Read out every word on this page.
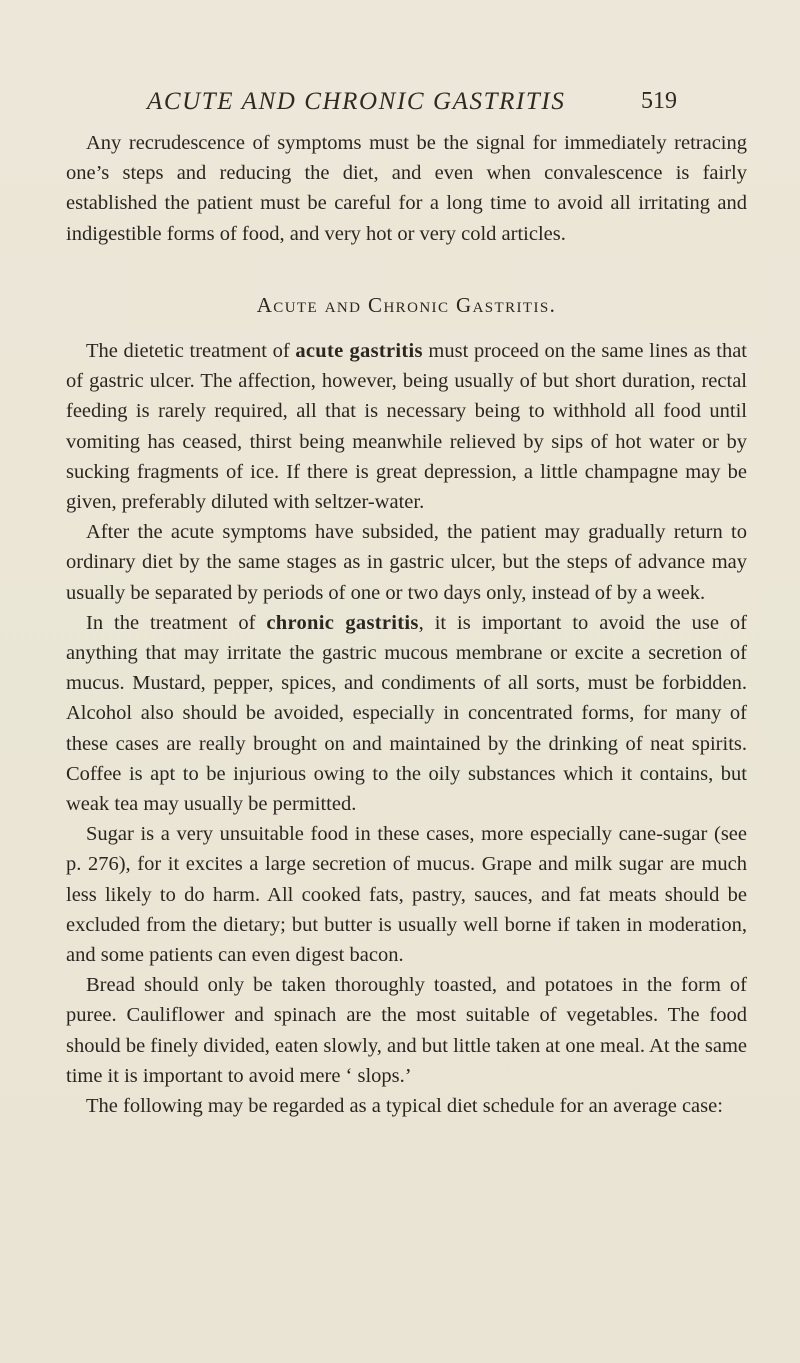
ACUTE AND CHRONIC GASTRITIS	519

Any recrudescence of symptoms must be the signal for immediately retracing one’s steps and reducing the diet, and even when convalescence is fairly established the patient must be careful for a long time to avoid all irritating and indigestible forms of food, and very hot or very cold articles.

Acute and Chronic Gastritis.

The dietetic treatment of acute gastritis must proceed on the same lines as that of gastric ulcer. The affection, however, being usually of but short duration, rectal feeding is rarely required, all that is necessary being to withhold all food until vomiting has ceased, thirst being meanwhile relieved by sips of hot water or by sucking fragments of ice. If there is great depression, a little champagne may be given, preferably diluted with seltzer-water.

After the acute symptoms have subsided, the patient may gradually return to ordinary diet by the same stages as in gastric ulcer, but the steps of advance may usually be separated by periods of one or two days only, instead of by a week.

In the treatment of chronic gastritis, it is important to avoid the use of anything that may irritate the gastric mucous membrane or excite a secretion of mucus. Mustard, pepper, spices, and condiments of all sorts, must be forbidden. Alcohol also should be avoided, especially in concentrated forms, for many of these cases are really brought on and maintained by the drinking of neat spirits. Coffee is apt to be injurious owing to the oily substances which it contains, but weak tea may usually be permitted.

Sugar is a very unsuitable food in these cases, more especially cane-sugar (see p. 276), for it excites a large secretion of mucus. Grape and milk sugar are much less likely to do harm. All cooked fats, pastry, sauces, and fat meats should be excluded from the dietary; but butter is usually well borne if taken in moderation, and some patients can even digest bacon.

Bread should only be taken thoroughly toasted, and potatoes in the form of puree. Cauliflower and spinach are the most suitable of vegetables. The food should be finely divided, eaten slowly, and but little taken at one meal. At the same time it is important to avoid mere ‘ slops.’

The following may be regarded as a typical diet schedule for an average case:
